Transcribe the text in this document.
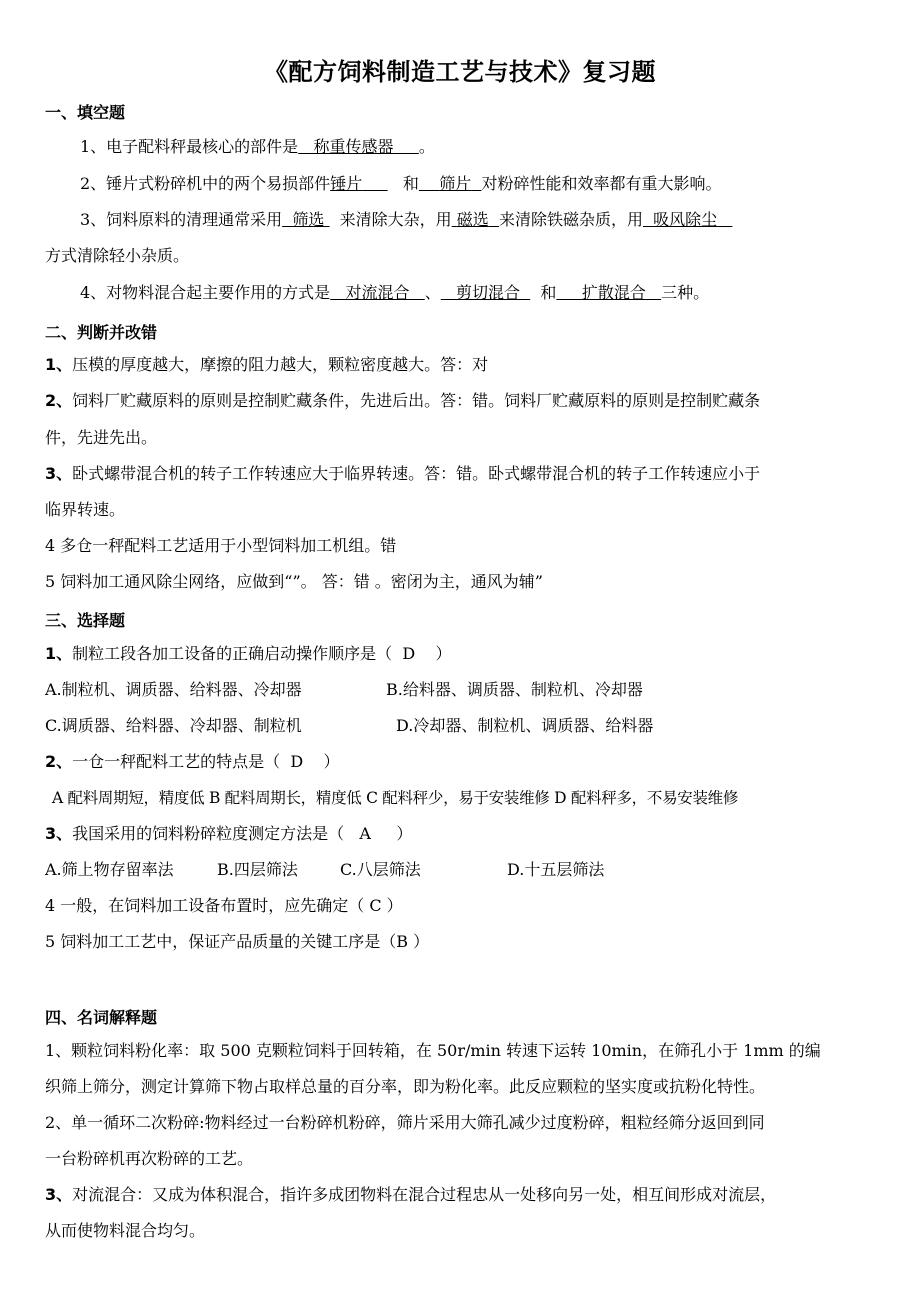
《配方饲料制造工艺与技术》复习题
一、填空题
1、电子配料秤最核心的部件是 称重传感器 。
2、锤片式粉碎机中的两个易损部件锤片	和 筛片 对粉碎性能和效率都有重大影响。
3、饲料原料的清理通常采用 筛选 来清除大杂，用 磁选 来清除铁磁杂质，用 吸风除尘
方式清除轻小杂质。
4、对物料混合起主要作用的方式是 对流混合 、 剪切混合 和 扩散混合 三种。
二、判断并改错
1、压模的厚度越大，摩擦的阻力越大，颗粒密度越大。答：对
2、饲料厂贮藏原料的原则是控制贮藏条件，先进后出。答：错。饲料厂贮藏原料的原则是控制贮藏条
件，先进先出。
3、卧式螺带混合机的转子工作转速应大于临界转速。答：错。卧式螺带混合机的转子工作转速应小于
临界转速。
4 多仓一秤配料工艺适用于小型饲料加工机组。错
5 饲料加工通风除尘网络，应做到“”。 答：错 。密闭为主，通风为辅”
三、选择题
1、制粒工段各加工设备的正确启动操作顺序是（ D ）
A.制粒机、调质器、给料器、冷却器	B.给料器、调质器、制粒机、冷却器
C.调质器、给料器、冷却器、制粒机	D.冷却器、制粒机、调质器、给料器
2、一仓一秤配料工艺的特点是（ D ）
A 配料周期短，精度低 B 配料周期长，精度低 C 配料秤少，易于安装维修 D 配料秤多，不易安装维修
3、我国采用的饲料粉碎粒度测定方法是（ A ）
A.筛上物存留率法	B.四层筛法	C.八层筛法	D.十五层筛法
4 一般，在饲料加工设备布置时，应先确定（ C ）
5 饲料加工工艺中，保证产品质量的关键工序是（B ）
四、名词解释题
1、颗粒饲料粉化率：取 500 克颗粒饲料于回转箱，在 50r/min 转速下运转 10min，在筛孔小于 1mm 的编
织筛上筛分，测定计算筛下物占取样总量的百分率，即为粉化率。此反应颗粒的坚实度或抗粉化特性。
2、单一循环二次粉碎:物料经过一台粉碎机粉碎，筛片采用大筛孔减少过度粉碎，粗粒经筛分返回到同
一台粉碎机再次粉碎的工艺。
3、对流混合：又成为体积混合，指许多成团物料在混合过程忠从一处移向另一处，相互间形成对流层，
从而使物料混合均匀。
